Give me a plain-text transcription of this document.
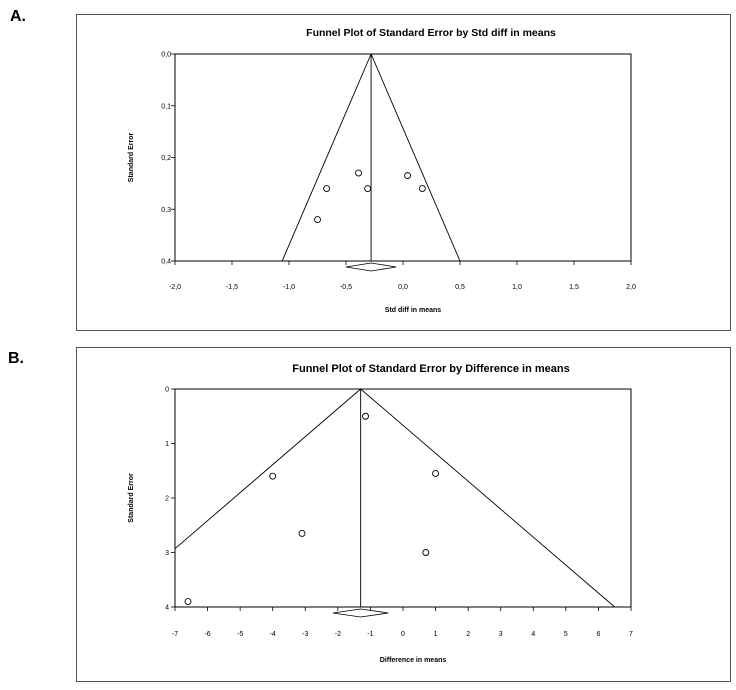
A.
B.
Funnel Plot of Standard Error by Std diff in means
-2,0	-1,5	-1,0	-0,5	0,0	0,5	1,0	1,5	2,0
0,0
0,1
0,2
0,3
0,4
Std diff in means
Standard Error
Funnel Plot of Standard Error by Difference in means
-7	-6	-5	-4	-3	-2	-1	0	1	2	3	4	5	6	7
0
1
2
3
4
Difference in means
Standard Error
